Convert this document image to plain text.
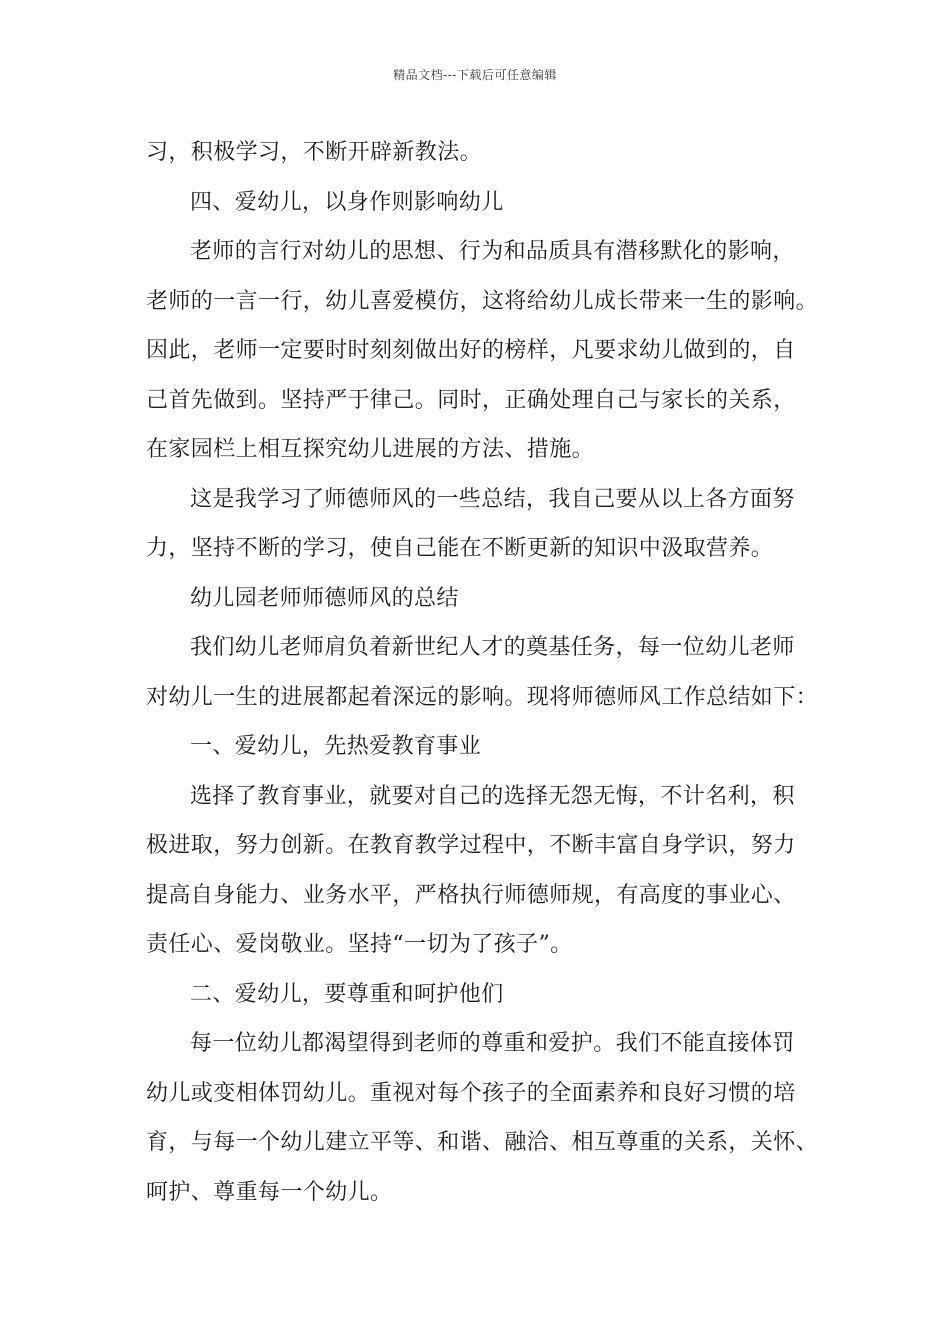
精品文档---下载后可任意编辑
习，积极学习，不断开辟新教法。
四、爱幼儿，以身作则影响幼儿
老师的言行对幼儿的思想、行为和品质具有潜移默化的影响，
老师的一言一行，幼儿喜爱模仿，这将给幼儿成长带来一生的影响。
因此，老师一定要时时刻刻做出好的榜样，凡要求幼儿做到的，自
己首先做到。坚持严于律己。同时，正确处理自己与家长的关系，
在家园栏上相互探究幼儿进展的方法、措施。
这是我学习了师德师风的一些总结，我自己要从以上各方面努
力，坚持不断的学习，使自己能在不断更新的知识中汲取营养。
幼儿园老师师德师风的总结
我们幼儿老师肩负着新世纪人才的奠基任务，每一位幼儿老师
对幼儿一生的进展都起着深远的影响。现将师德师风工作总结如下：
一、爱幼儿，先热爱教育事业
选择了教育事业，就要对自己的选择无怨无悔，不计名利，积
极进取，努力创新。在教育教学过程中，不断丰富自身学识，努力
提高自身能力、业务水平，严格执行师德师规，有高度的事业心、
责任心、爱岗敬业。坚持“一切为了孩子”。
二、爱幼儿，要尊重和呵护他们
每一位幼儿都渴望得到老师的尊重和爱护。我们不能直接体罚
幼儿或变相体罚幼儿。重视对每个孩子的全面素养和良好习惯的培
育，与每一个幼儿建立平等、和谐、融洽、相互尊重的关系，关怀、
呵护、尊重每一个幼儿。
